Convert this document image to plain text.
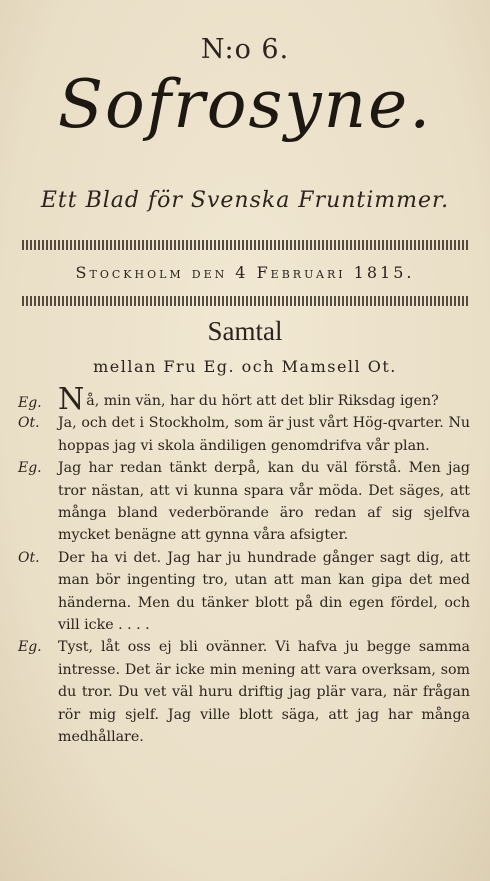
N:o 6.
Sofrosyne.
Ett Blad för Svenska Fruntimmer.
Stockholm den 4 Februari 1815.
Samtal
mellan Fru Eg. och Mamsell Ot.
Eg. Nå, min vän, har du hört att det blir Riksdag igen?
Ot.	Ja, och det i Stockholm, som är just vårt Hög-qvarter. Nu hoppas jag vi skola ändiligen genomdrifva vår plan.
Eg.	Jag har redan tänkt derpå, kan du väl förstå. Men jag tror nästan, att vi kunna spara vår möda. Det säges, att många bland vederbörande äro redan af sig sjelfva mycket benägne att gynna våra afsigter.
Ot.	Der ha vi det. Jag har ju hundrade gånger sagt dig, att man bör ingenting tro, utan att man kan gipa det med händerna. Men du tänker blott på din egen fördel, och vill icke . . . .
Eg.	Tyst, låt oss ej bli ovänner. Vi hafva ju begge samma intresse. Det är icke min mening att vara overksam, som du tror. Du vet väl huru driftig jag plär vara, när frågan rör mig sjelf. Jag ville blott säga, att jag har många medhållare.
